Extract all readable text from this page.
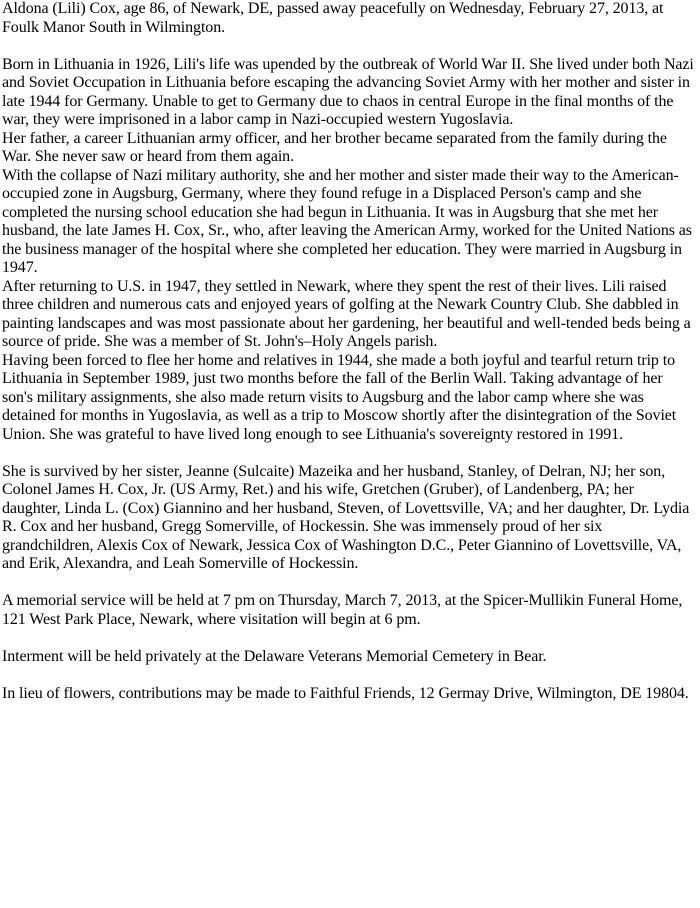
Aldona (Lili) Cox, age 86, of Newark, DE, passed away peacefully on Wednesday, February 27, 2013, at Foulk Manor South in Wilmington.

Born in Lithuania in 1926, Lili's life was upended by the outbreak of World War II. She lived under both Nazi and Soviet Occupation in Lithuania before escaping the advancing Soviet Army with her mother and sister in late 1944 for Germany. Unable to get to Germany due to chaos in central Europe in the final months of the war, they were imprisoned in a labor camp in Nazi-occupied western Yugoslavia.

Her father, a career Lithuanian army officer, and her brother became separated from the family during the War. She never saw or heard from them again.

With the collapse of Nazi military authority, she and her mother and sister made their way to the American-occupied zone in Augsburg, Germany, where they found refuge in a Displaced Person's camp and she completed the nursing school education she had begun in Lithuania. It was in Augsburg that she met her husband, the late James H. Cox, Sr., who, after leaving the American Army, worked for the United Nations as the business manager of the hospital where she completed her education. They were married in Augsburg in 1947.

After returning to U.S. in 1947, they settled in Newark, where they spent the rest of their lives. Lili raised three children and numerous cats and enjoyed years of golfing at the Newark Country Club. She dabbled in painting landscapes and was most passionate about her gardening, her beautiful and well-tended beds being a source of pride. She was a member of St. John's–Holy Angels parish.

Having been forced to flee her home and relatives in 1944, she made a both joyful and tearful return trip to Lithuania in September 1989, just two months before the fall of the Berlin Wall. Taking advantage of her son's military assignments, she also made return visits to Augsburg and the labor camp where she was detained for months in Yugoslavia, as well as a trip to Moscow shortly after the disintegration of the Soviet Union. She was grateful to have lived long enough to see Lithuania's sovereignty restored in 1991.

She is survived by her sister, Jeanne (Sulcaite) Mazeika and her husband, Stanley, of Delran, NJ; her son, Colonel James H. Cox, Jr. (US Army, Ret.) and his wife, Gretchen (Gruber), of Landenberg, PA; her daughter, Linda L. (Cox) Giannino and her husband, Steven, of Lovettsville, VA; and her daughter, Dr. Lydia R. Cox and her husband, Gregg Somerville, of Hockessin. She was immensely proud of her six grandchildren, Alexis Cox of Newark, Jessica Cox of Washington D.C., Peter Giannino of Lovettsville, VA, and Erik, Alexandra, and Leah Somerville of Hockessin.

A memorial service will be held at 7 pm on Thursday, March 7, 2013, at the Spicer-Mullikin Funeral Home, 121 West Park Place, Newark, where visitation will begin at 6 pm.

Interment will be held privately at the Delaware Veterans Memorial Cemetery in Bear.

In lieu of flowers, contributions may be made to Faithful Friends, 12 Germay Drive, Wilmington, DE 19804.
